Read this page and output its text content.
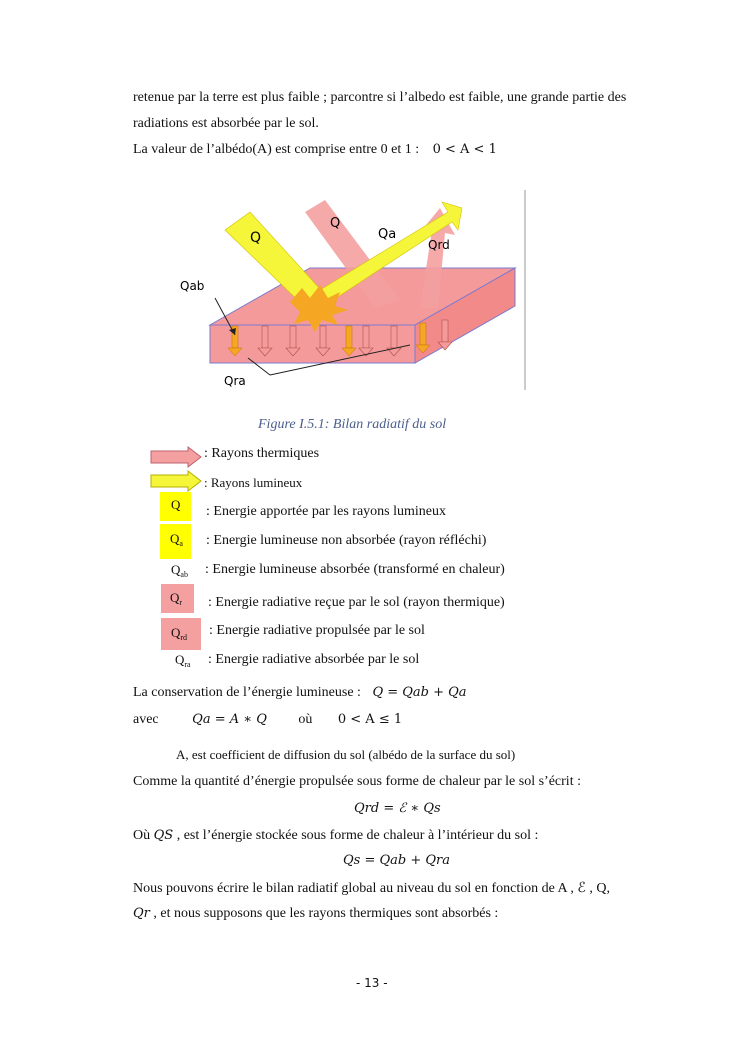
retenue par la terre est plus faible ; parcontre si l’albedo est faible, une grande partie des
radiations est absorbée par le sol.
La valeur de l’albédo(A) est comprise entre 0 et 1 : 0 < A < 1
Q
Q
Qa
Qrd
Qab
Qra
Figure I.5.1: Bilan radiatif du sol
: Rayons thermiques
: Rayons lumineux
Q : Energie apportée par les rayons lumineux
$Q_a$ : Energie lumineuse non absorbée (rayon réfléchi)
$Q_{ab}$ : Energie lumineuse absorbée (transformé en chaleur)
$Q_r$ : Energie radiative reçue par le sol (rayon thermique)
$Q_{rd}$ : Energie radiative propulsée par le sol
$Q_{ra}$ : Energie radiative absorbée par le sol
La conservation de l’énergie lumineuse : Q = Qab + Qa
avec	Qa = A ∗ Q où 0 < A ≤ 1
A, est coefficient de diffusion du sol (albédo de la surface du sol)
Comme la quantité d’énergie propulsée sous forme de chaleur par le sol s’écrit :
Qrd = ℰ ∗ Qs
Où QS , est l’énergie stockée sous forme de chaleur à l’intérieur du sol :
Qs = Qab + Qra
Nous pouvons écrire le bilan radiatif global au niveau du sol en fonction de A , ℰ , Q,
Qr , et nous supposons que les rayons thermiques sont absorbés :
- 13 -
